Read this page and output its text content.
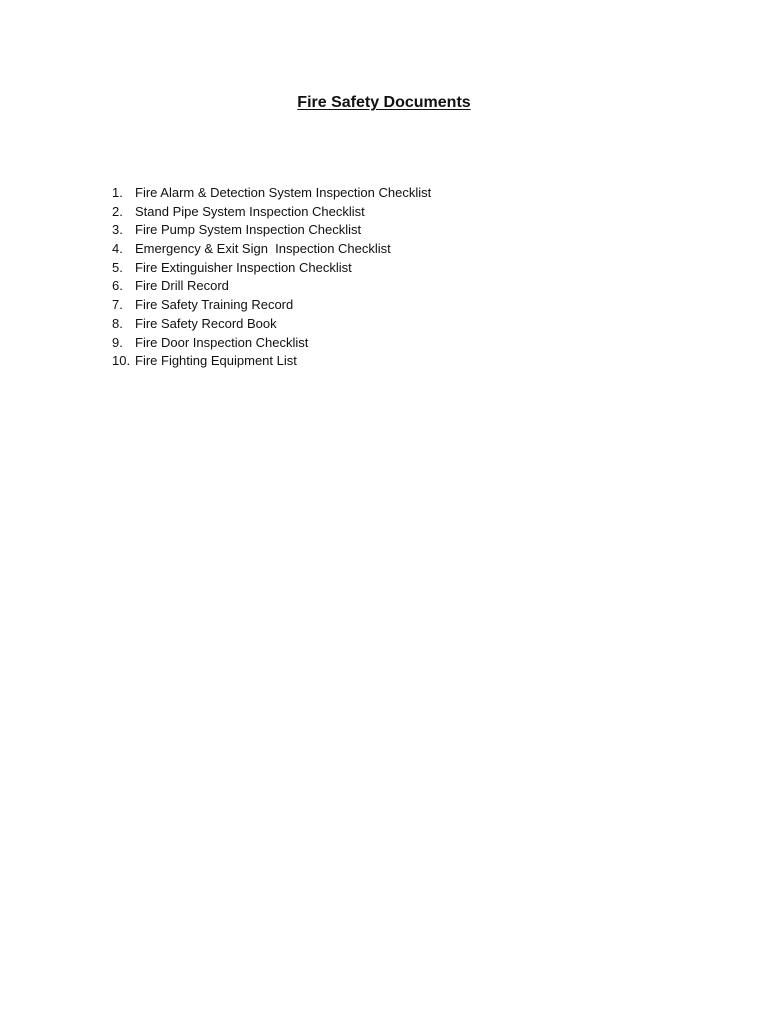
Fire Safety Documents
1. Fire Alarm & Detection System Inspection Checklist
2. Stand Pipe System Inspection Checklist
3. Fire Pump System Inspection Checklist
4. Emergency & Exit Sign  Inspection Checklist
5. Fire Extinguisher Inspection Checklist
6. Fire Drill Record
7. Fire Safety Training Record
8. Fire Safety Record Book
9. Fire Door Inspection Checklist
10. Fire Fighting Equipment List
